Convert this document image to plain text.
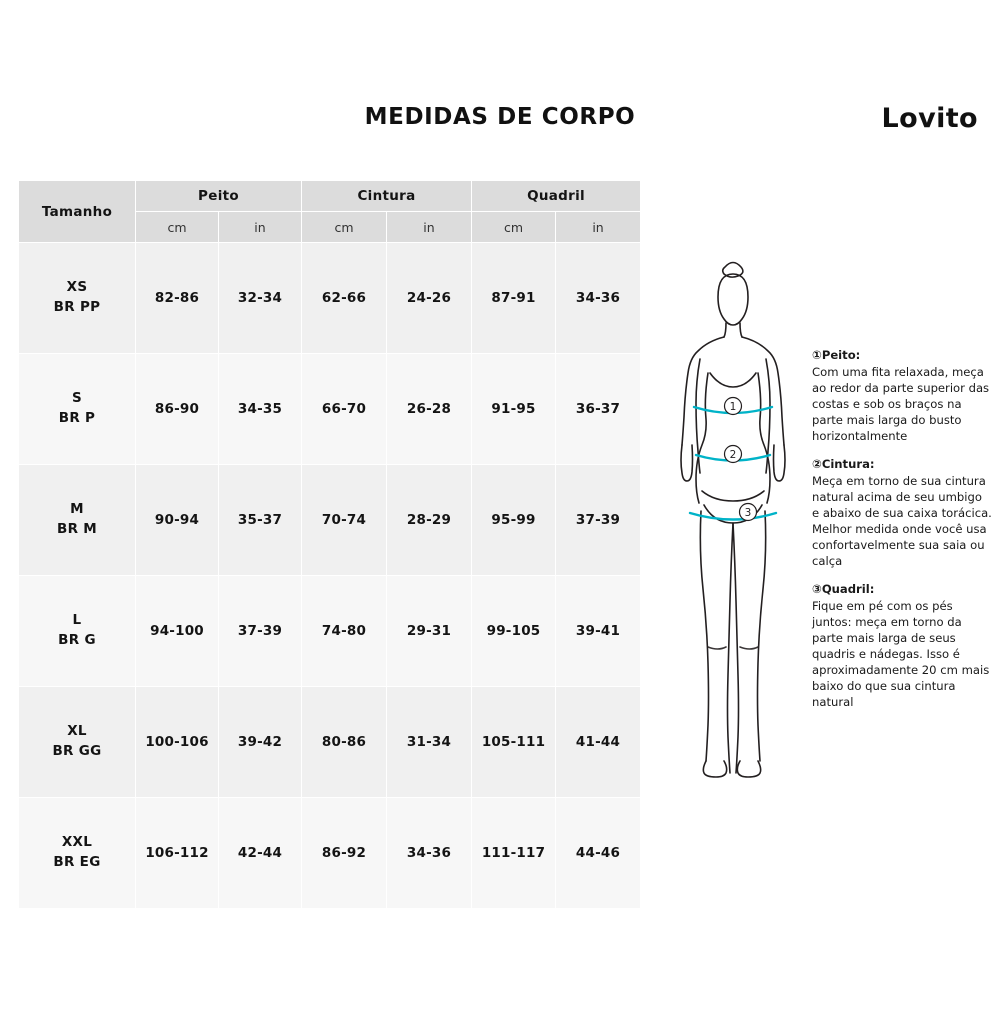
MEDIDAS DE CORPO	Lovito
Tamanho	Peito		Cintura		Quadril	
	cm	in	cm	in	cm	in

XS
BR PP	82-86	32-34	62-66	24-26	87-91	34-36

S
BR P	86-90	34-35	66-70	26-28	91-95	36-37

M
BR M	90-94	35-37	70-74	28-29	95-99	37-39

L
BR G	94-100	37-39	74-80	29-31	99-105	39-41

XL
BR GG	100-106	39-42	80-86	31-34	105-111	41-44

XXL
BR EG	106-112	42-44	86-92	34-36	111-117	44-46
1
2
3
①Peito:
Com uma fita relaxada, meça ao redor da parte superior das costas e sob os braços na parte mais larga do busto horizontalmente
②Cintura:
Meça em torno de sua cintura natural acima de seu umbigo e abaixo de sua caixa torácica. Melhor medida onde você usa confortavelmente sua saia ou calça
③Quadril:
Fique em pé com os pés juntos: meça em torno da parte mais larga de seus quadris e nádegas. Isso é aproximadamente 20 cm mais baixo do que sua cintura natural
